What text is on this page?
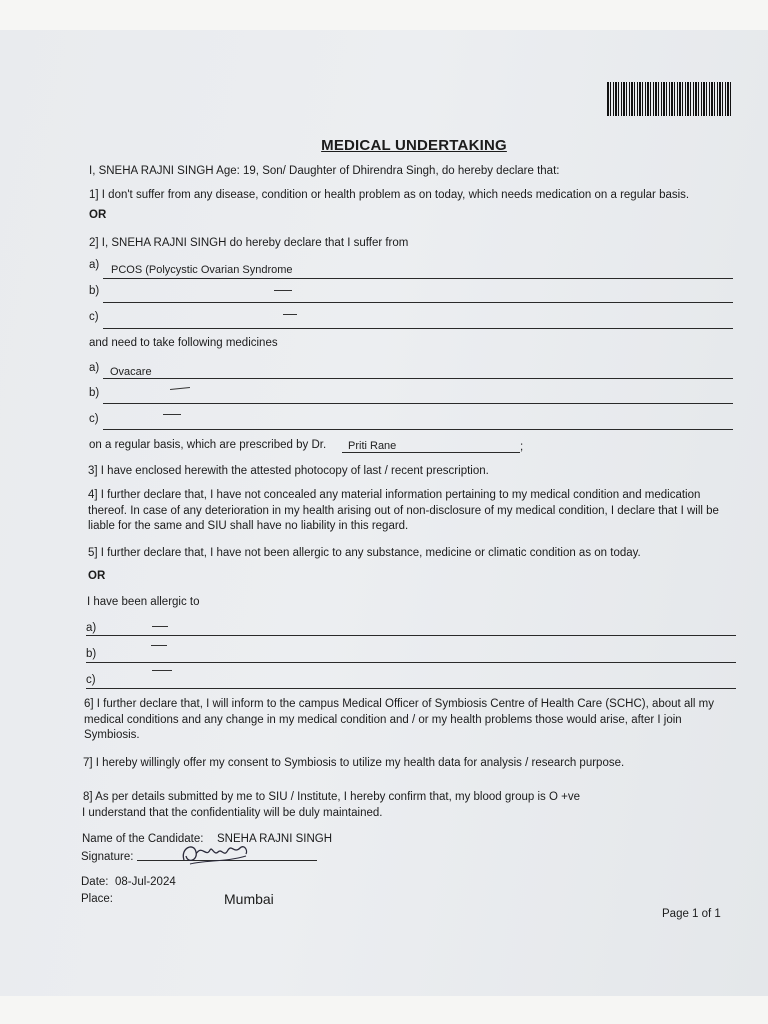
MEDICAL UNDERTAKING
I, SNEHA RAJNI SINGH Age: 19, Son/ Daughter of Dhirendra Singh, do hereby declare that:
1] I don't suffer from any disease, condition or health problem as on today, which needs medication on a regular basis.
OR
2] I, SNEHA RAJNI SINGH do hereby declare that I suffer from
a) PCOS (Polycystic Ovarian Syndrome
b)
c)
and need to take following medicines
a) Ovacare
b)
c)
on a regular basis, which are prescribed by Dr. Priti Rane	;
3] I have enclosed herewith the attested photocopy of last / recent prescription.
4] I further declare that, I have not concealed any material information pertaining to my medical condition and medication thereof. In case of any deterioration in my health arising out of non-disclosure of my medical condition, I declare that I will be liable for the same and SIU shall have no liability in this regard.
5] I further declare that, I have not been allergic to any substance, medicine or climatic condition as on today.
OR
I have been allergic to
a)
b)
c)
6] I further declare that, I will inform to the campus Medical Officer of Symbiosis Centre of Health Care (SCHC), about all my medical conditions and any change in my medical condition and / or my health problems those would arise, after I join Symbiosis.
7] I hereby willingly offer my consent to Symbiosis to utilize my health data for analysis / research purpose.
8] As per details submitted by me to SIU / Institute, I hereby confirm that, my blood group is O +ve
I understand that the confidentiality will be duly maintained.
Name of the Candidate: SNEHA RAJNI SINGH
Signature:
Date: 08-Jul-2024
Place:	Mumbai
Page 1 of 1
